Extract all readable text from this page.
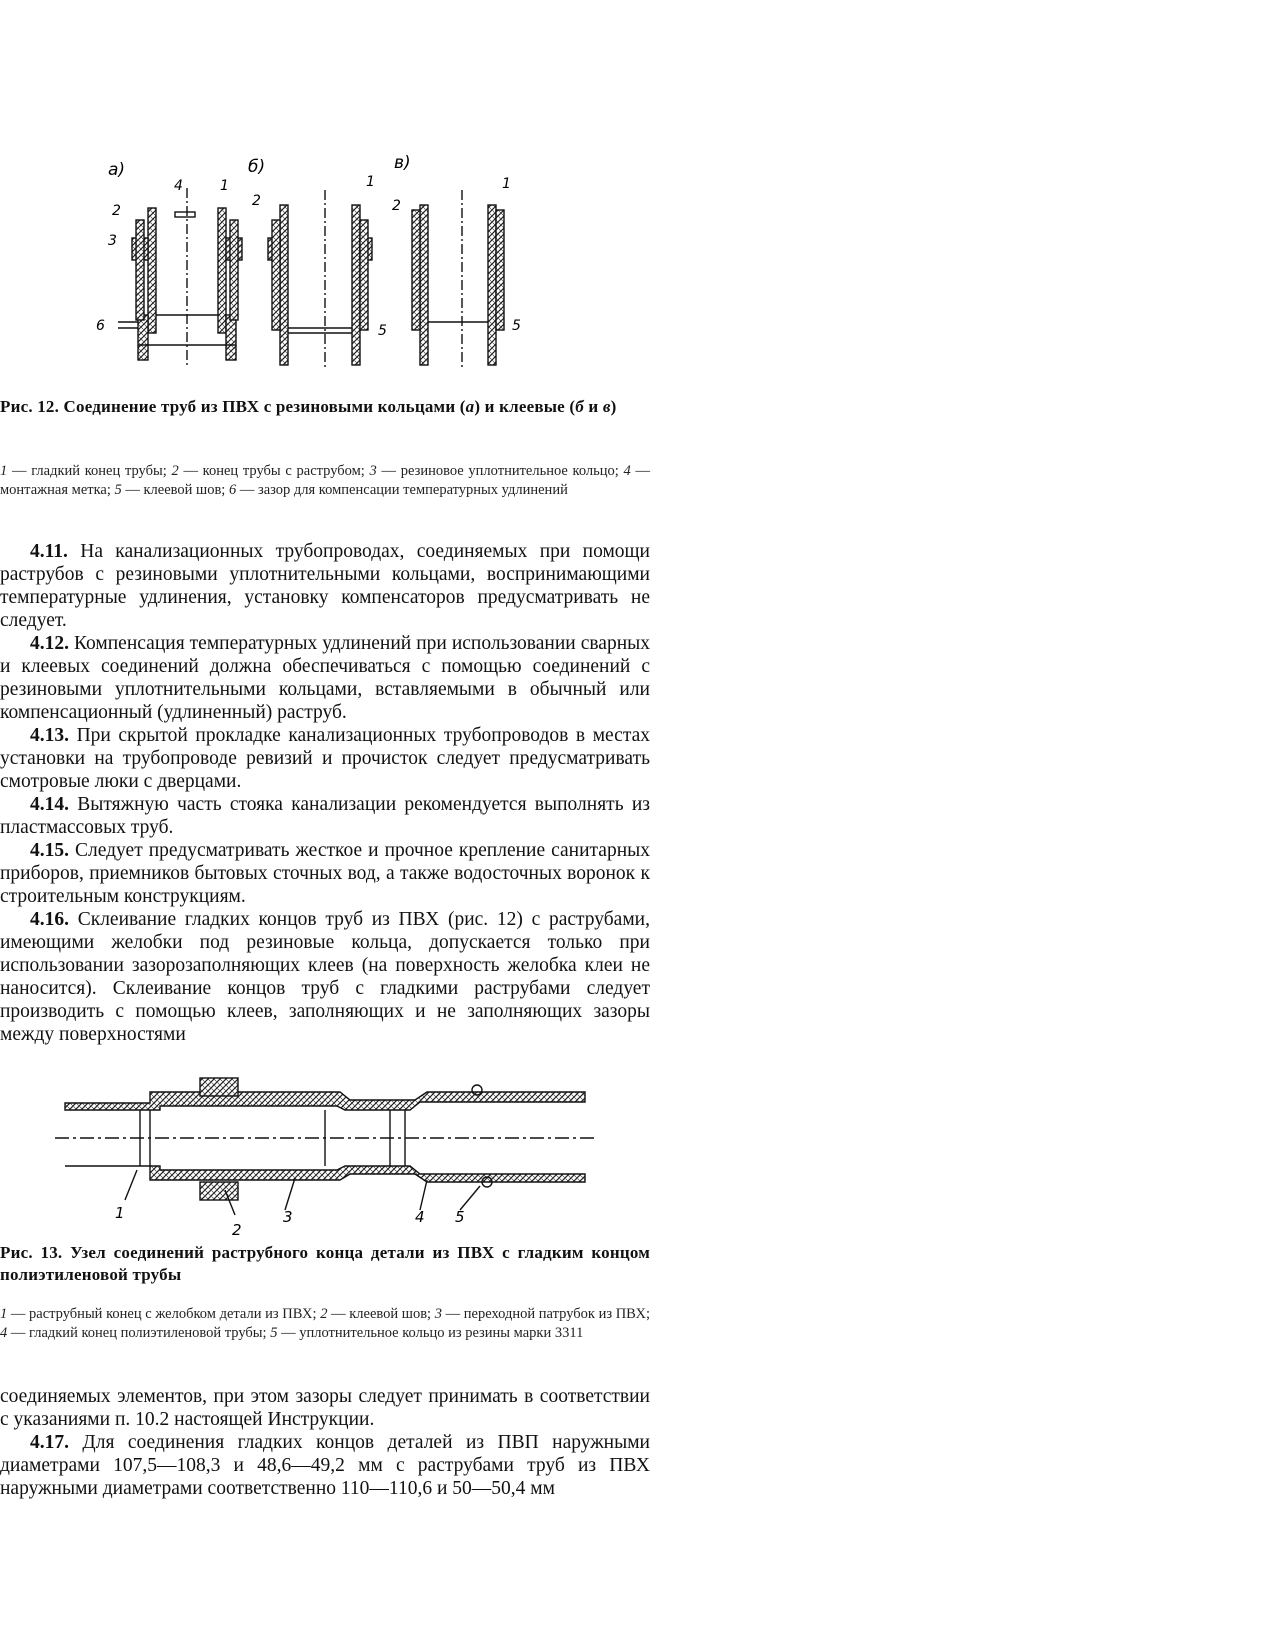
а)
4	1
2
3
6
б)
2
1
5
в)
2
1
5
Рис. 12. Соединение труб из ПВХ с резиновыми кольцами (а) и клеевые (б и в)
1 — гладкий конец трубы; 2 — конец трубы с раструбом; 3 — резиновое уплотнительное кольцо; 4 — монтажная метка; 5 — клеевой шов; 6 — зазор для компенсации температурных удлинений

4.11. На канализационных трубопроводах, соединяемых при помощи раструбов с резиновыми уплотнительными кольцами, воспринимающими температурные удлинения, установку компенсаторов предусматривать не следует.

4.12. Компенсация температурных удлинений при использовании сварных и клеевых соединений должна обеспечиваться с помощью соединений с резиновыми уплотнительными кольцами, вставляемыми в обычный или компенсационный (удлиненный) раструб.

4.13. При скрытой прокладке канализационных трубопроводов в местах установки на трубопроводе ревизий и прочисток следует предусматривать смотровые люки с дверцами.

4.14. Вытяжную часть стояка канализации рекомендуется выполнять из пластмассовых труб.

4.15. Следует предусматривать жесткое и прочное крепление санитарных приборов, приемников бытовых сточных вод, а также водосточных воронок к строительным конструкциям.

4.16. Склеивание гладких концов труб из ПВХ (рис. 12) с раструбами, имеющими желобки под резиновые кольца, допускается только при использовании зазорозаполняющих клеев (на поверхность желобка клеи не наносится). Склеивание концов труб с гладкими раструбами следует производить с помощью клеев, заполняющих и не заполняющих зазоры между поверхностями

1
2
3	4 5
Рис. 13. Узел соединений раструбного конца детали из ПВХ с гладким концом полиэтиленовой трубы
1 — раструбный конец с желобком детали из ПВХ; 2 — клеевой шов; 3 — переходной патрубок из ПВХ; 4 — гладкий конец полиэтиленовой трубы; 5 — уплотнительное кольцо из резины марки 3311

соединяемых элементов, при этом зазоры следует принимать в соответствии с указаниями п. 10.2 настоящей Инструкции.

4.17. Для соединения гладких концов деталей из ПВП наружными диаметрами 107,5—108,3 и 48,6—49,2 мм с раструбами труб из ПВХ наружными диаметрами соответственно 110—110,6 и 50—50,4 мм
